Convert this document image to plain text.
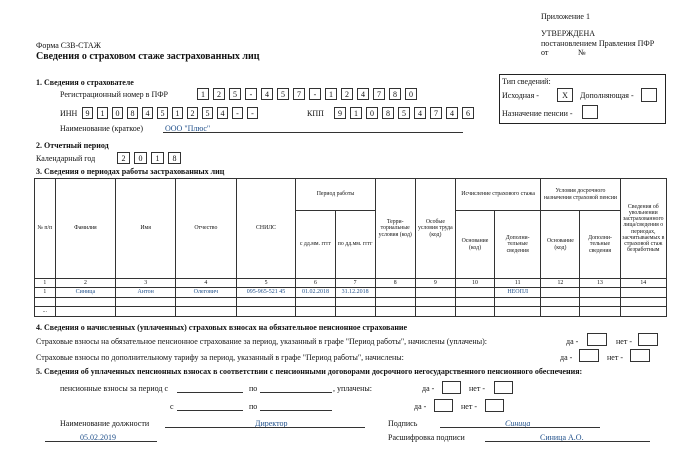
Приложение 1
УТВЕРЖДЕНА
постановлением Правления ПФР
от	№
Форма СЗВ-СТАЖ
Сведения о страховом стаже застрахованных лиц
1. Сведения о страхователе
Регистрационный номер в ПФР	1	2	5	-	4	5	7	-	1	2	4	7	8	0
ИНН	9	1	0	8	4	5	1	2	5	4	-	-	КПП	9	1	0	8	5	4	7	4	6
Наименование (краткое)	ООО "Плюс"
Тип сведений:
Исходная -	X	Дополняющая -
Назначение пенсии -
2. Отчетный период
Календарный год	2	0	1	8
3. Сведения о периодах работы застрахованных лиц
№ п/п	Фамилия	Имя	Отчество	СНИЛС	Период работы		Терри-ториальные условия (код)	Особые условия труда (код)	Исчисление страхового стажа		Условия досрочного назначения страховой пенсии		Сведения об увольнении застрахованного лица/сведения о периодах, засчитываемых в страховой стаж безработным
					с дд.мм. гггг	по дд.мм. гггг			Основание (код)	Дополни-тельные сведения	Основание (код)	Дополни-тельные сведения	
1	2	3	4	5	6	7	8	9	10	11	12	13	14
1	Синица	Антон	Олегович	095-965-521 45	01.02.2018	31.12.2018				НЕОПЛ			

...													
4. Сведения о начисленных (уплаченных) страховых взносах на обязательное пенсионное страхование
Страховые взносы на обязательное пенсионное страхование за период, указанный в графе "Период работы", начислены (уплачены):	да -	нет -
Страховые взносы по дополнительному тарифу за период, указанный в графе "Период работы", начислены:	да -	нет -
5. Сведения об уплаченных пенсионных взносах в соответствии с пенсионными договорами досрочного негосударственного пенсионного обеспечения:
пенсионные взносы за период с	по	, уплачены:	да -	нет -
с	по	да -	нет -
Наименование должности	Директор	Подпись	Синица
05.02.2019	Расшифровка подписи	Синица А.О.
